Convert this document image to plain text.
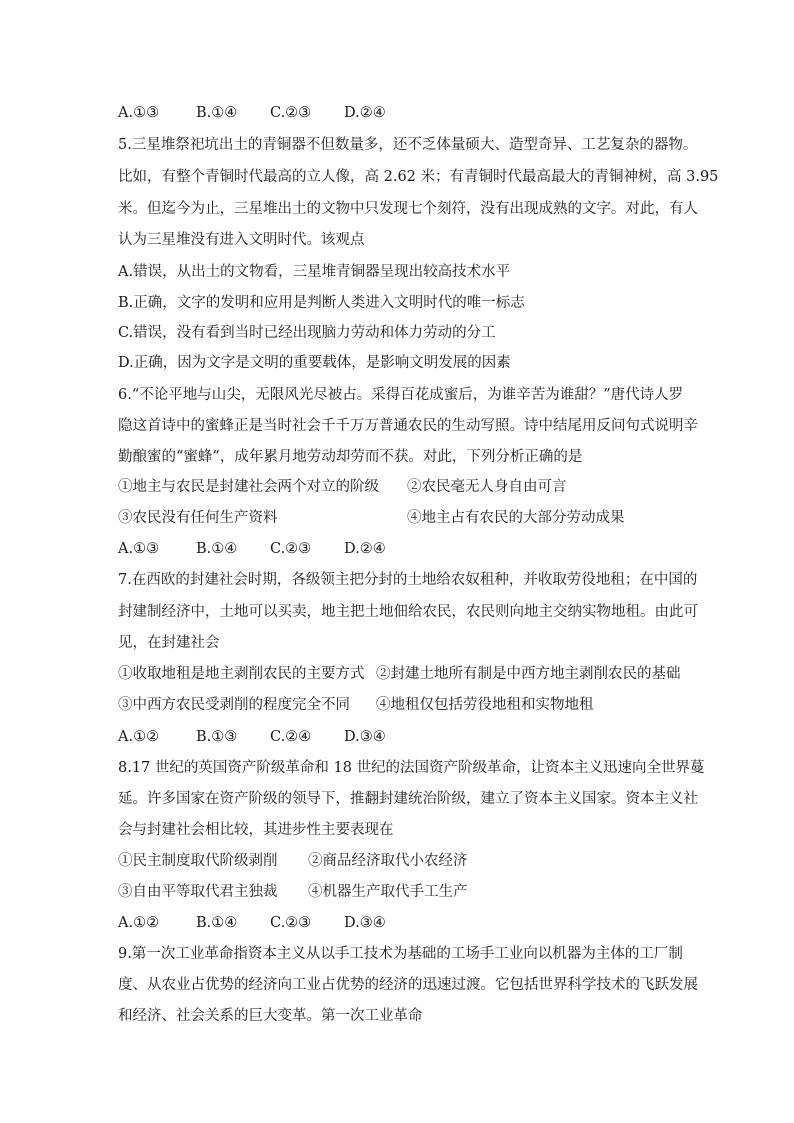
A.①③	B.①④ C.②③ D.②④
5.三星堆祭祀坑出土的青铜器不但数量多，还不乏体量硕大、造型奇异、工艺复杂的器物。
比如，有整个青铜时代最高的立人像，高 2.62 米；有青铜时代最高最大的青铜神树，高 3.95
米。但迄今为止，三星堆出土的文物中只发现七个刻符，没有出现成熟的文字。对此，有人
认为三星堆没有进入文明时代。该观点
A.错误，从出土的文物看，三星堆青铜器呈现出较高技术水平
B.正确，文字的发明和应用是判断人类进入文明时代的唯一标志
C.错误，没有看到当时已经出现脑力劳动和体力劳动的分工
D.正确，因为文字是文明的重要载体，是影响文明发展的因素
6.“不论平地与山尖，无限风光尽被占。采得百花成蜜后，为谁辛苦为谁甜？”唐代诗人罗
隐这首诗中的蜜蜂正是当时社会千千万万普通农民的生动写照。诗中结尾用反问句式说明辛
勤酿蜜的“蜜蜂”，成年累月地劳动却劳而不获。对此，下列分析正确的是
①地主与农民是封建社会两个对立的阶级 ②农民毫无人身自由可言
③农民没有任何生产资料	④地主占有农民的大部分劳动成果
A.①③	B.①④ C.②③ D.②④
7.在西欧的封建社会时期，各级领主把分封的土地给农奴租种，并收取劳役地租；在中国的
封建制经济中，土地可以买卖，地主把土地佃给农民，农民则向地主交纳实物地租。由此可
见，在封建社会
①收取地租是地主剥削农民的主要方式 ②封建土地所有制是中西方地主剥削农民的基础
③中西方农民受剥削的程度完全不同 ④地租仅包括劳役地租和实物地租
A.①②	B.①③ C.②④ D.③④
8.17 世纪的英国资产阶级革命和 18 世纪的法国资产阶级革命，让资本主义迅速向全世界蔓
延。许多国家在资产阶级的领导下，推翻封建统治阶级，建立了资本主义国家。资本主义社
会与封建社会相比较，其进步性主要表现在
①民主制度取代阶级剥削 ②商品经济取代小农经济
③自由平等取代君主独裁 ④机器生产取代手工生产
A.①②	B.①④ C.②③ D.③④
9.第一次工业革命指资本主义从以手工技术为基础的工场手工业向以机器为主体的工厂制
度、从农业占优势的经济向工业占优势的经济的迅速过渡。它包括世界科学技术的飞跃发展
和经济、社会关系的巨大变革。第一次工业革命
